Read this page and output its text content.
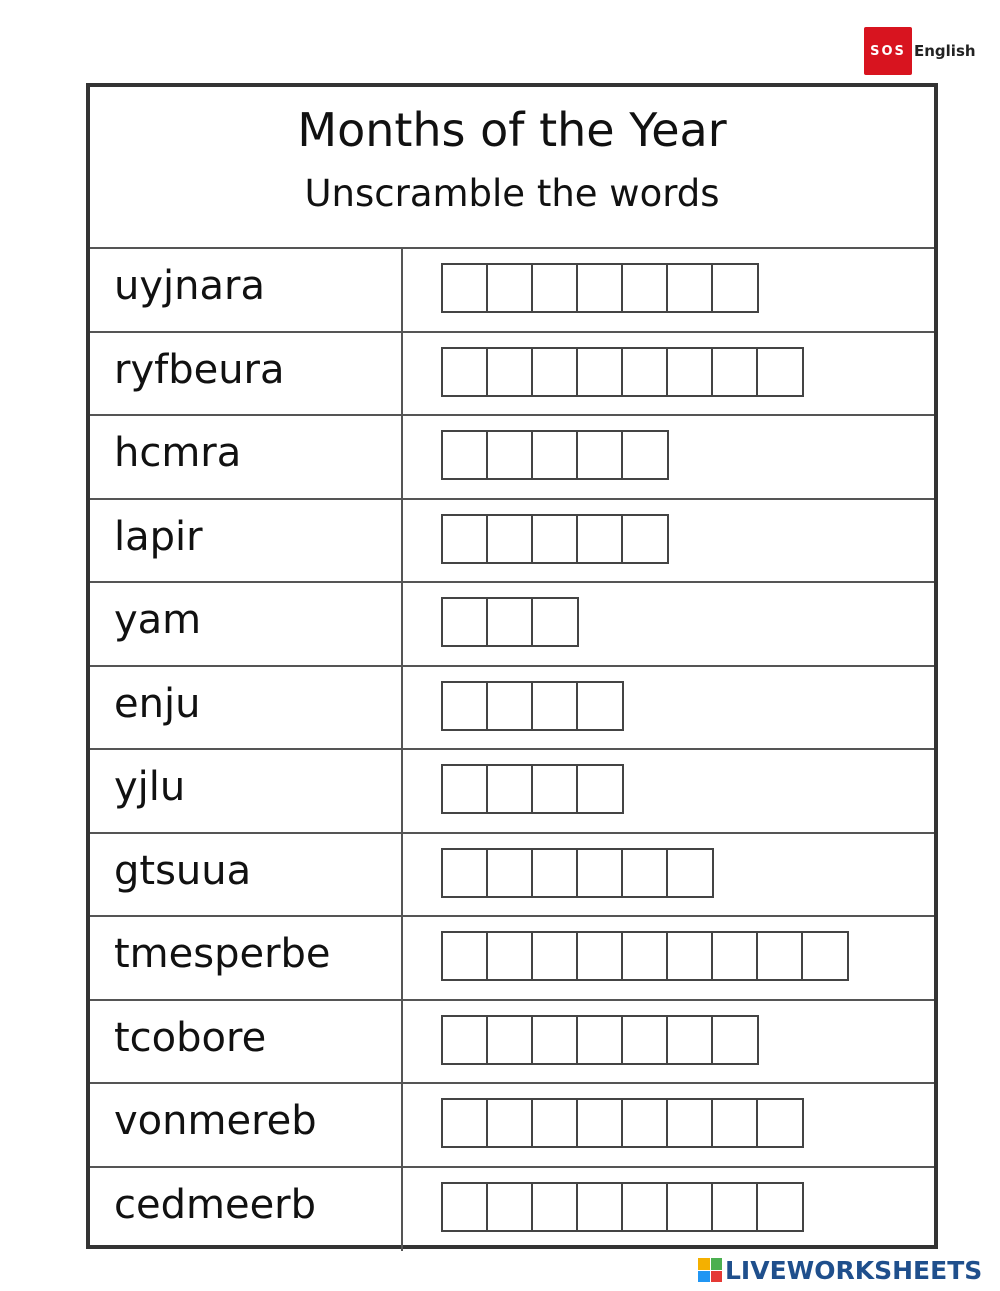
SOS English
Months of the Year
Unscramble the words
uyjnara
ryfbeura
hcmra
lapir
yam
enju
yjlu
gtsuua
tmesperbe
tcobore
vonmereb
cedmeerb
LIVEWORKSHEETS
